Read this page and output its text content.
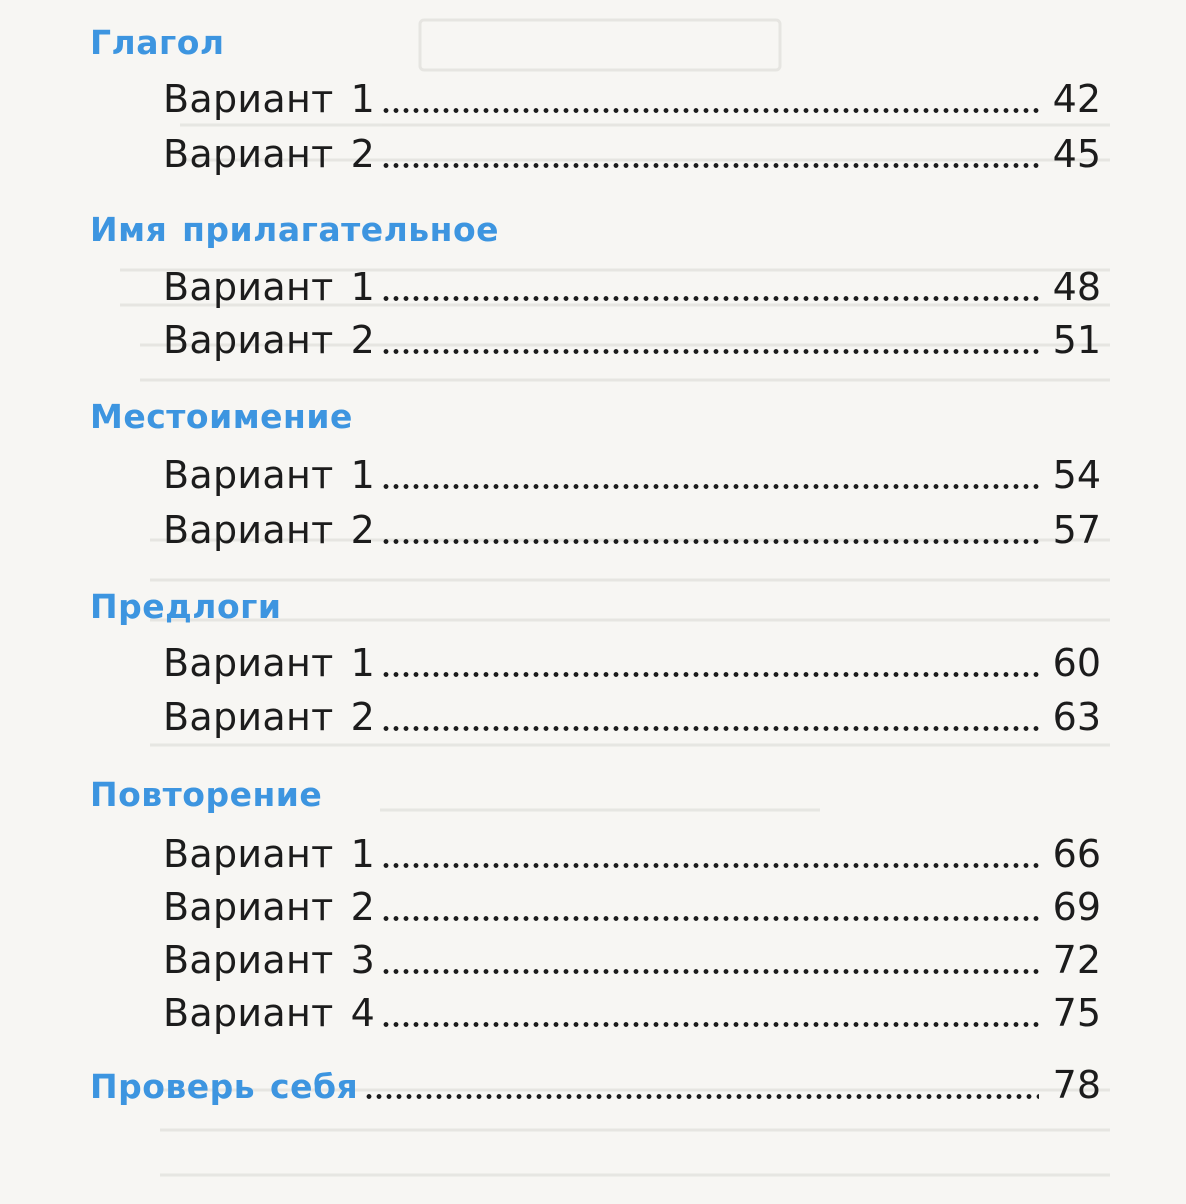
Глагол
Вариант 1	42
Вариант 2	45
Имя прилагательное
Вариант 1	48
Вариант 2	51
Местоимение
Вариант 1	54
Вариант 2	57
Предлоги
Вариант 1	60
Вариант 2	63
Повторение
Вариант 1	66
Вариант 2	69
Вариант 3	72
Вариант 4	75
Проверь себя	78
